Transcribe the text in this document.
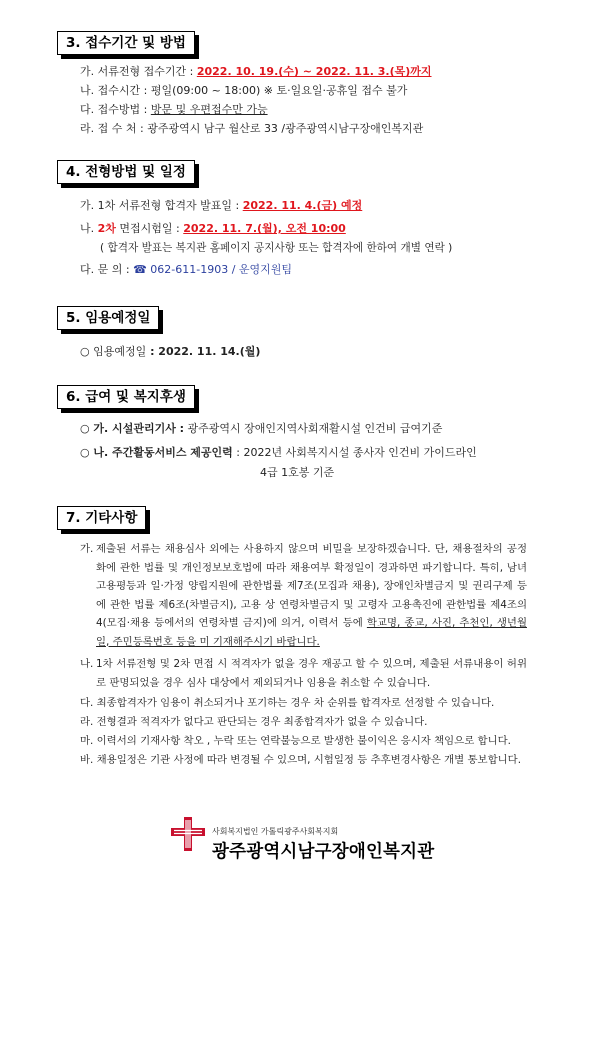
3. 접수기간 및 방법
가. 서류전형 접수기간 : 2022. 10. 19.(수) ~ 2022. 11. 3.(목)까지
나. 접수시간 : 평일(09:00 ~ 18:00) ※ 토·일요일·공휴일 접수 불가
다. 접수방법 : 방문 및 우편접수만 가능
라. 접 수 처 : 광주광역시 남구 월산로 33 /광주광역시남구장애인복지관
4. 전형방법 및 일정
가. 1차 서류전형 합격자 발표일 : 2022. 11. 4.(금) 예정
나. 2차 면접시험일 : 2022. 11. 7.(월), 오전 10:00
( 합격자 발표는 복지관 홈페이지 공지사항 또는 합격자에 한하여 개별 연락 )
다. 문 의 : ☎ 062-611-1903 / 운영지원팀
5. 임용예정일
○ 임용예정일 : 2022. 11. 14.(월)
6. 급여 및 복지후생
○ 가. 시설관리기사 : 광주광역시 장애인지역사회재활시설 인건비 급여기준
○ 나. 주간활동서비스 제공인력 : 2022년 사회복지시설 종사자 인건비 가이드라인
4급 1호봉 기준
7. 기타사항
가. 제출된 서류는 채용심사 외에는 사용하지 않으며 비밀을 보장하겠습니다. 단, 채용절차의 공정화에 관한 법률 및 개인정보보호법에 따라 채용여부 확정일이 경과하면 파기합니다. 특히, 남녀고용평등과 일·가정 양립지원에 관한법률 제7조(모집과 채용), 장애인차별금지 및 권리구제 등에 관한 법률 제6조(차별금지), 고용 상 연령차별금지 및 고령자 고용촉진에 관한법률 제4조의4(모집·채용 등에서의 연령차별 금지)에 의거, 이력서 등에 학교명, 종교, 사진, 추천인, 생년월일, 주민등록번호 등을 미 기재해주시기 바랍니다.
나. 1차 서류전형 및 2차 면접 시 적격자가 없을 경우 재공고 할 수 있으며, 제출된 서류내용이 허위로 판명되었을 경우 심사 대상에서 제외되거나 임용을 취소할 수 있습니다.
다. 최종합격자가 임용이 취소되거나 포기하는 경우 차 순위를 합격자로 선정할 수 있습니다.
라. 전형결과 적격자가 없다고 판단되는 경우 최종합격자가 없을 수 있습니다.
마. 이력서의 기재사항 착오 , 누락 또는 연락불능으로 발생한 불이익은 응시자 책임으로 합니다.
바. 채용일정은 기관 사정에 따라 변경될 수 있으며, 시험일정 등 추후변경사항은 개별 통보합니다.
사회복지법인 가톨릭광주사회복지회
광주광역시남구장애인복지관
